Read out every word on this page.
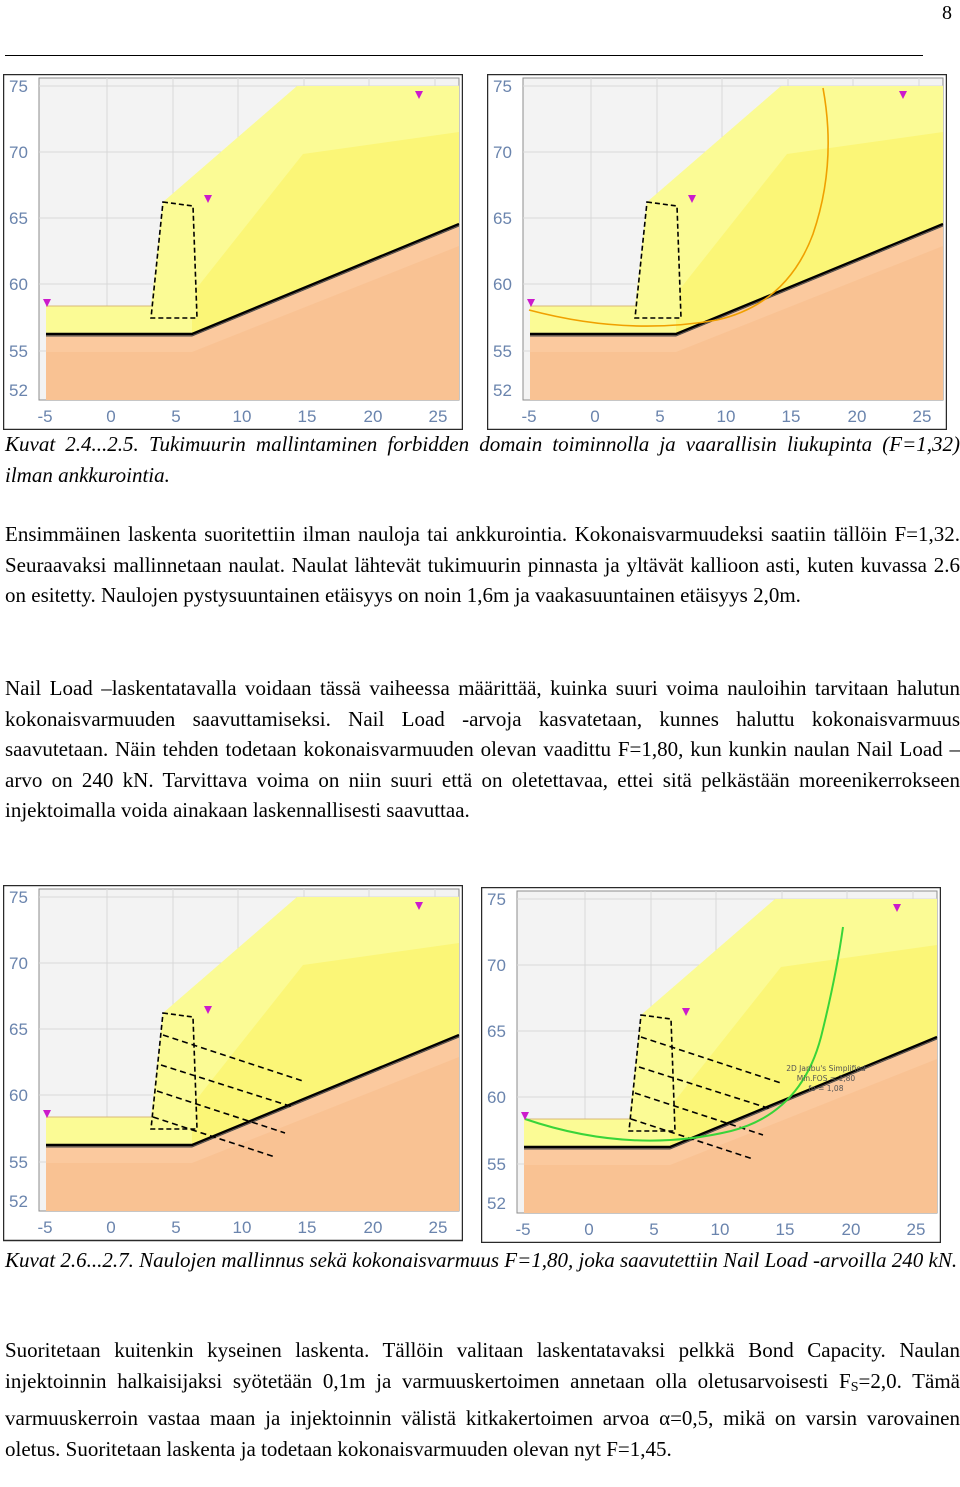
8
75
70
65
60
55
52
-5	0	5	10	15	20	25
75
70
65
60
55
52
-5	0	5	10	15	20	25

Kuvat 2.4...2.5. Tukimuurin mallintaminen forbidden domain toiminnolla ja vaarallisin liukupinta (F=1,32) ilman ankkurointia.

Ensimmäinen laskenta suoritettiin ilman nauloja tai ankkurointia. Kokonaisvarmuudeksi saatiin tällöin F=1,32. Seuraavaksi mallinnetaan naulat. Naulat lähtevät tukimuurin pinnasta ja yltävät kallioon asti, kuten kuvassa 2.6 on esitetty. Naulojen pystysuuntainen etäisyys on noin 1,6m ja vaakasuuntainen etäisyys 2,0m.

Nail Load –laskentatavalla voidaan tässä vaiheessa määrittää, kuinka suuri voima nauloihin tarvitaan halutun kokonaisvarmuuden saavuttamiseksi. Nail Load -arvoja kasvatetaan, kunnes haluttu kokonaisvarmuus saavutetaan. Näin tehden todetaan kokonaisvarmuuden olevan vaadittu F=1,80, kun kunkin naulan Nail Load –arvo on 240 kN. Tarvittava voima on niin suuri että on oletettavaa, ettei sitä pelkästään moreenikerrokseen injektoimalla voida ainakaan laskennallisesti saavuttaa.

75
70
65
60
55
52
-5	0	5	10	15	20	25
2D Janbu's Simplified
Min.FOS = 1,80
fo = 1,08
75
70
65
60
55
52
-5	0	5	10	15	20	25

Kuvat 2.6...2.7. Naulojen mallinnus sekä kokonaisvarmuus F=1,80, joka saavutettiin Nail Load -arvoilla 240 kN.

Suoritetaan kuitenkin kyseinen laskenta. Tällöin valitaan laskentatavaksi pelkkä Bond Capacity. Naulan injektoinnin halkaisijaksi syötetään 0,1m ja varmuuskertoimen annetaan olla oletusarvoisesti $F_S=2,0$. Tämä varmuuskerroin vastaa maan ja injektoinnin välistä kitkakertoimen arvoa α=0,5, mikä on varsin varovainen oletus. Suoritetaan laskenta ja todetaan kokonaisvarmuuden olevan nyt F=1,45.
